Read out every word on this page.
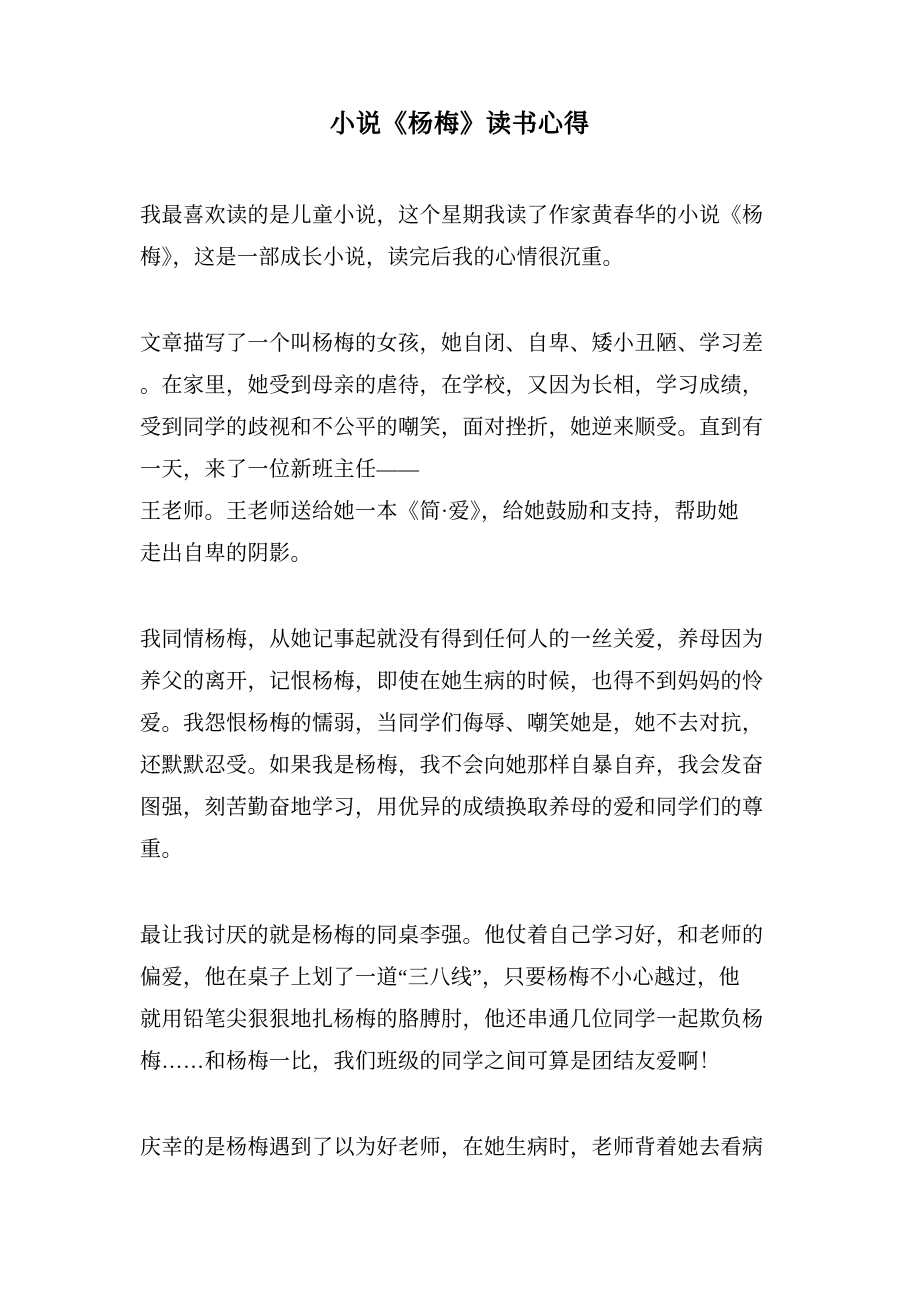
小说《杨梅》读书心得
我最喜欢读的是儿童小说，这个星期我读了作家黄春华的小说《杨
梅》，这是一部成长小说，读完后我的心情很沉重。
文章描写了一个叫杨梅的女孩，她自闭、自卑、矮小丑陋、学习差
。在家里，她受到母亲的虐待，在学校，又因为长相，学习成绩，
受到同学的歧视和不公平的嘲笑，面对挫折，她逆来顺受。直到有
一天，来了一位新班主任——
王老师。王老师送给她一本《简·爱》，给她鼓励和支持，帮助她
走出自卑的阴影。
我同情杨梅，从她记事起就没有得到任何人的一丝关爱，养母因为
养父的离开，记恨杨梅，即使在她生病的时候，也得不到妈妈的怜
爱。我怨恨杨梅的懦弱，当同学们侮辱、嘲笑她是，她不去对抗，
还默默忍受。如果我是杨梅，我不会向她那样自暴自弃，我会发奋
图强，刻苦勤奋地学习，用优异的成绩换取养母的爱和同学们的尊
重。
最让我讨厌的就是杨梅的同桌李强。他仗着自己学习好，和老师的
偏爱，他在桌子上划了一道“三八线”，只要杨梅不小心越过，他
就用铅笔尖狠狠地扎杨梅的胳膊肘，他还串通几位同学一起欺负杨
梅……和杨梅一比，我们班级的同学之间可算是团结友爱啊！
庆幸的是杨梅遇到了以为好老师，在她生病时，老师背着她去看病
